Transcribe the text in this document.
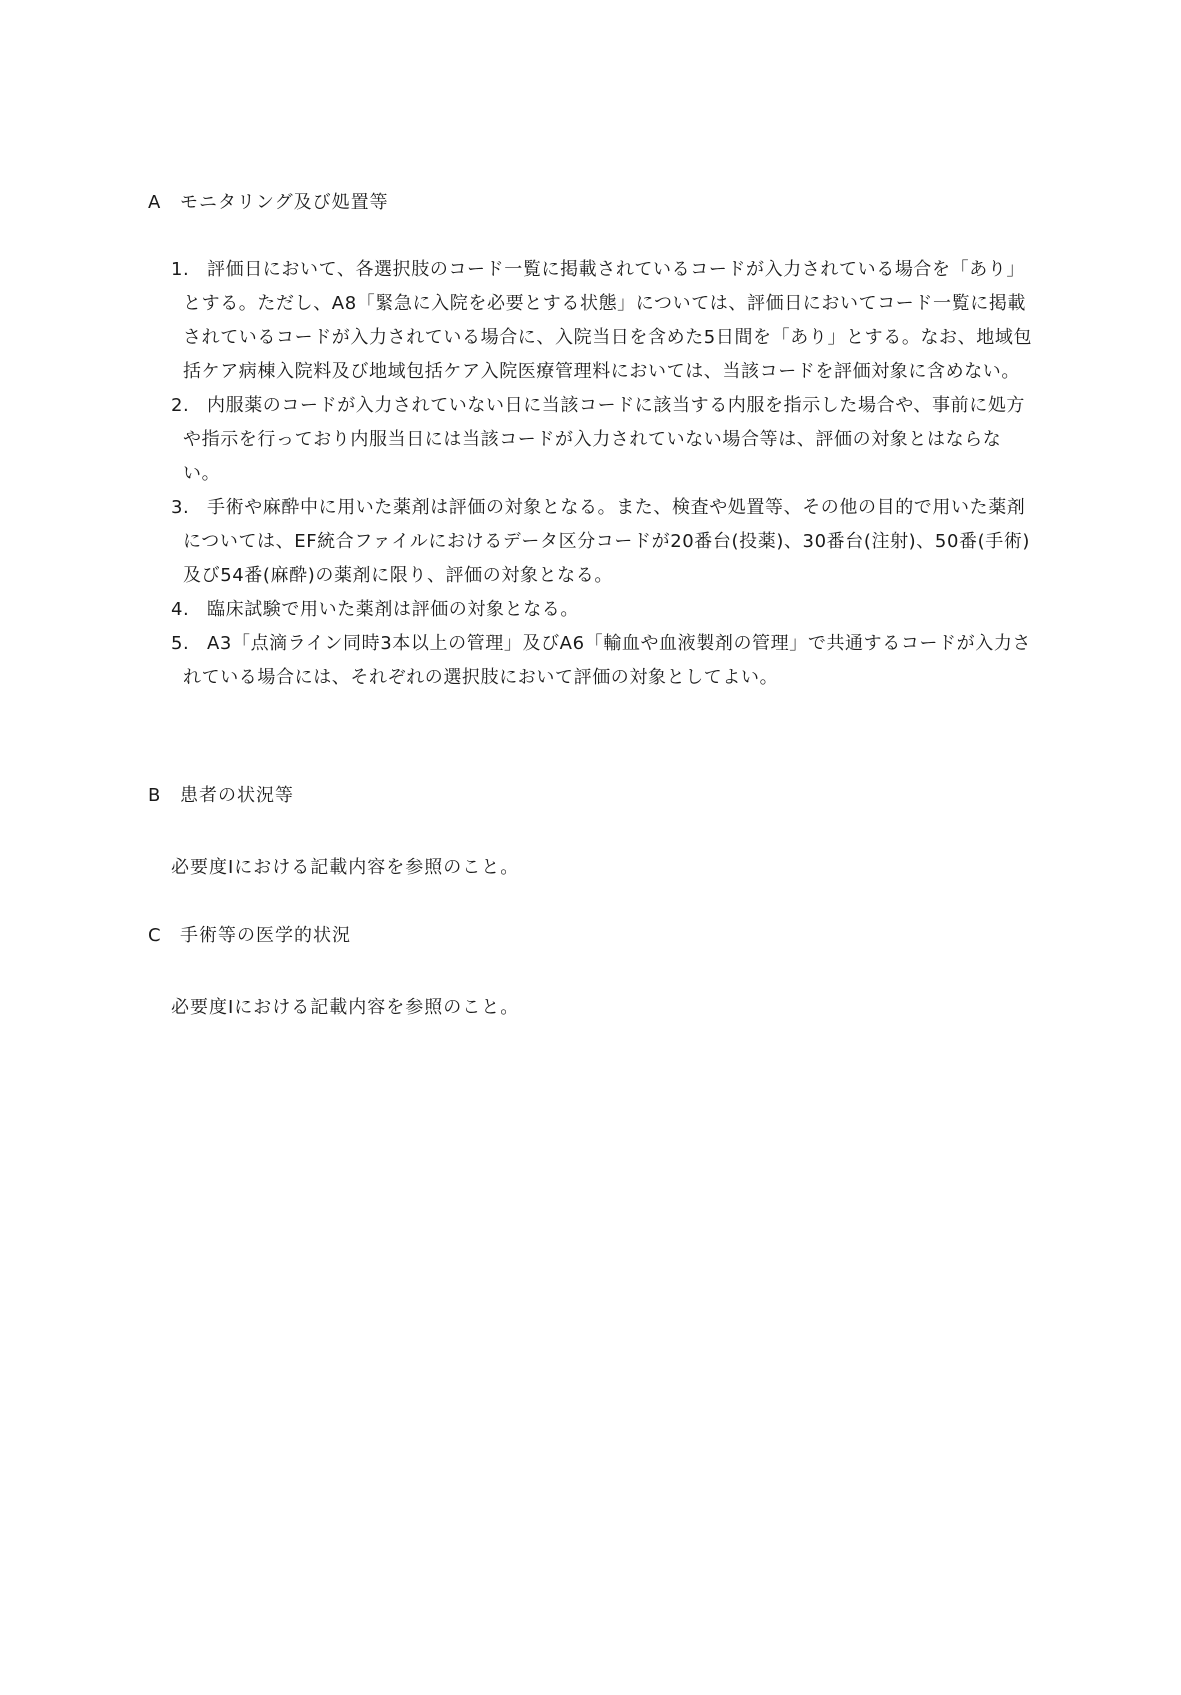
A モニタリング及び処置等
1. 評価日において、各選択肢のコード一覧に掲載されているコードが入力されている場合を「あり」とする。ただし、A8「緊急に入院を必要とする状態」については、評価日においてコード一覧に掲載されているコードが入力されている場合に、入院当日を含めた5日間を「あり」とする。なお、地域包括ケア病棟入院料及び地域包括ケア入院医療管理料においては、当該コードを評価対象に含めない。
2. 内服薬のコードが入力されていない日に当該コードに該当する内服を指示した場合や、事前に処方や指示を行っており内服当日には当該コードが入力されていない場合等は、評価の対象とはならない。
3. 手術や麻酔中に用いた薬剤は評価の対象となる。また、検査や処置等、その他の目的で用いた薬剤については、EF統合ファイルにおけるデータ区分コードが20番台(投薬)、30番台(注射)、50番(手術)及び54番(麻酔)の薬剤に限り、評価の対象となる。
4. 臨床試験で用いた薬剤は評価の対象となる。
5. A3「点滴ライン同時3本以上の管理」及びA6「輸血や血液製剤の管理」で共通するコードが入力されている場合には、それぞれの選択肢において評価の対象としてよい。
B 患者の状況等
必要度Ⅰにおける記載内容を参照のこと。
C 手術等の医学的状況
必要度Ⅰにおける記載内容を参照のこと。
